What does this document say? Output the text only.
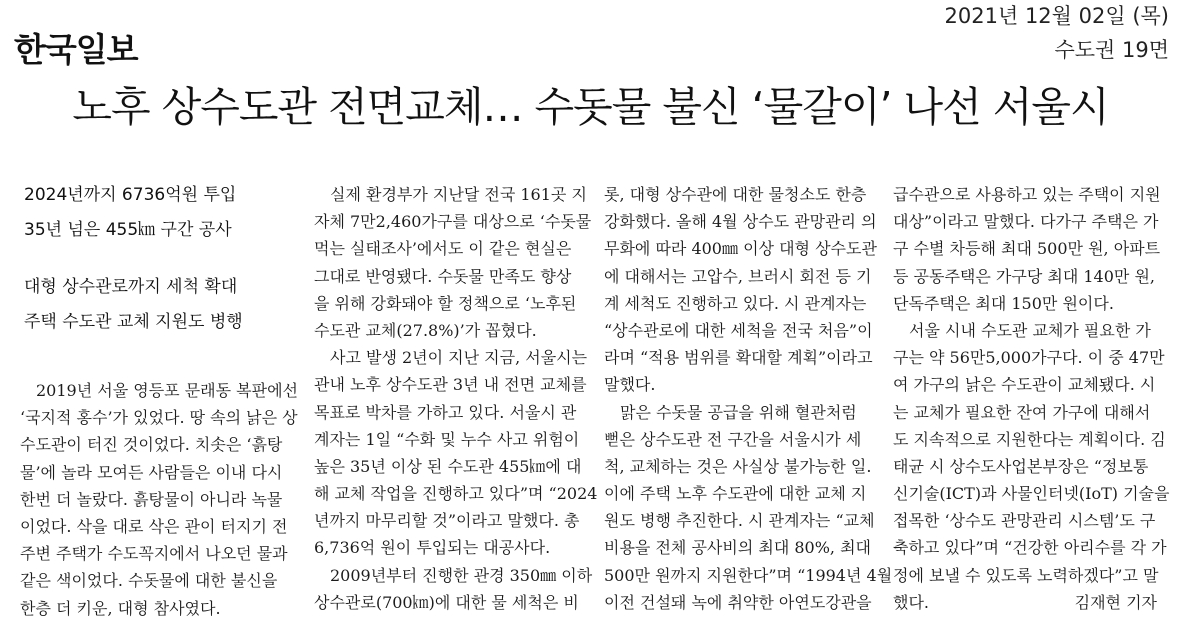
한국일보
2021년 12월 02일 (목)
수도권 19면
노후 상수도관 전면교체… 수돗물 불신 ‘물갈이’ 나선 서울시
2024년까지 6736억원 투입
35년 넘은 455㎞ 구간 공사
대형 상수관로까지 세척 확대
주택 수도관 교체 지원도 병행
2019년 서울 영등포 문래동 복판에선
‘국지적 홍수’가 있었다. 땅 속의 낡은 상
수도관이 터진 것이었다. 치솟은 ‘흙탕
물’에 놀라 모여든 사람들은 이내 다시
한번 더 놀랐다. 흙탕물이 아니라 녹물
이었다. 삭을 대로 삭은 관이 터지기 전
주변 주택가 수도꼭지에서 나오던 물과
같은 색이었다. 수돗물에 대한 불신을
한층 더 키운, 대형 참사였다.
실제 환경부가 지난달 전국 161곳 지
자체 7만2,460가구를 대상으로 ‘수돗물
먹는 실태조사’에서도 이 같은 현실은
그대로 반영됐다. 수돗물 만족도 향상
을 위해 강화돼야 할 정책으로 ‘노후된
수도관 교체(27.8%)’가 꼽혔다.
사고 발생 2년이 지난 지금, 서울시는
관내 노후 상수도관 3년 내 전면 교체를
목표로 박차를 가하고 있다. 서울시 관
계자는 1일 “수화 및 누수 사고 위험이
높은 35년 이상 된 수도관 455㎞에 대
해 교체 작업을 진행하고 있다”며 “2024
년까지 마무리할 것”이라고 말했다. 총
6,736억 원이 투입되는 대공사다.
2009년부터 진행한 관경 350㎜ 이하
상수관로(700㎞)에 대한 물 세척은 비
롯, 대형 상수관에 대한 물청소도 한층
강화했다. 올해 4월 상수도 관망관리 의
무화에 따라 400㎜ 이상 대형 상수도관
에 대해서는 고압수, 브러시 회전 등 기
계 세척도 진행하고 있다. 시 관계자는
“상수관로에 대한 세척을 전국 처음”이
라며 “적용 범위를 확대할 계획”이라고
말했다.
맑은 수돗물 공급을 위해 혈관처럼
뻗은 상수도관 전 구간을 서울시가 세
척, 교체하는 것은 사실상 불가능한 일.
이에 주택 노후 수도관에 대한 교체 지
원도 병행 추진한다. 시 관계자는 “교체
비용을 전체 공사비의 최대 80%, 최대
500만 원까지 지원한다”며 “1994년 4월
이전 건설돼 녹에 취약한 아연도강관을
급수관으로 사용하고 있는 주택이 지원
대상”이라고 말했다. 다가구 주택은 가
구 수별 차등해 최대 500만 원, 아파트
등 공동주택은 가구당 최대 140만 원,
단독주택은 최대 150만 원이다.
서울 시내 수도관 교체가 필요한 가
구는 약 56만5,000가구다. 이 중 47만
여 가구의 낡은 수도관이 교체됐다. 시
는 교체가 필요한 잔여 가구에 대해서
도 지속적으로 지원한다는 계획이다. 김
태균 시 상수도사업본부장은 “정보통
신기술(ICT)과 사물인터넷(IoT) 기술을
접목한 ‘상수도 관망관리 시스템’도 구
축하고 있다”며 “건강한 아리수를 각 가
정에 보낼 수 있도록 노력하겠다”고 말
했다.	김재현 기자
